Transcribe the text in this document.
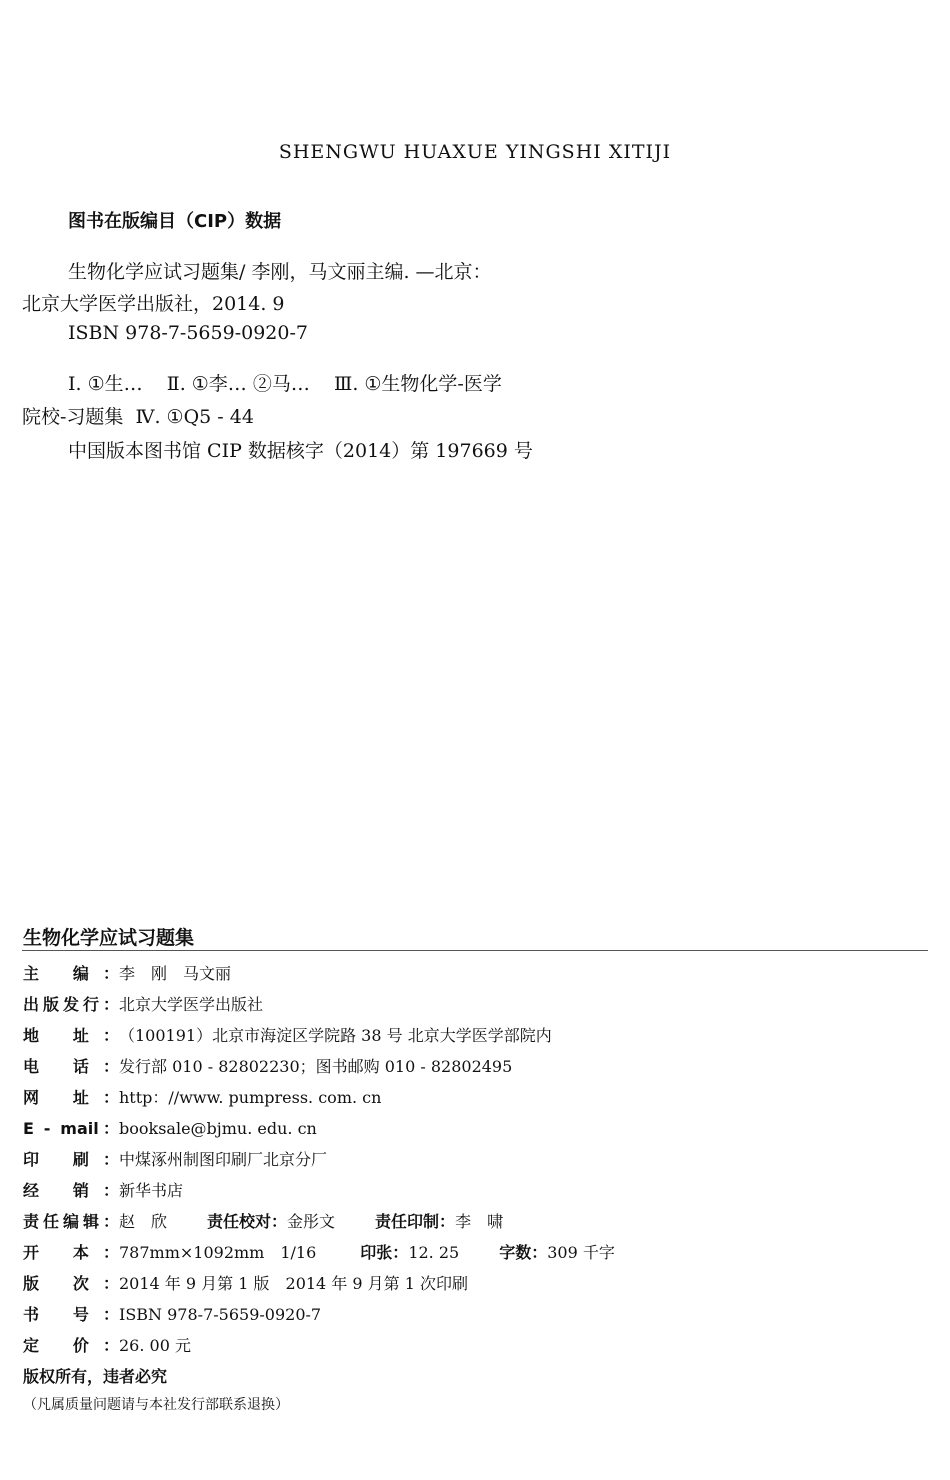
SHENGWU HUAXUE YINGSHI XITIJI
图书在版编目（CIP）数据
生物化学应试习题集/ 李刚，马文丽主编. —北京：
北京大学医学出版社，2014. 9
ISBN 978-7-5659-0920-7
Ⅰ. ①生…    Ⅱ. ①李… ②马…    Ⅲ. ①生物化学-医学
院校-习题集  Ⅳ. ①Q5 - 44
中国版本图书馆 CIP 数据核字（2014）第 197669 号
生物化学应试习题集
主 编：李　刚　马文丽
出版发行：北京大学医学出版社
地 址：（100191）北京市海淀区学院路 38 号 北京大学医学部院内
电 话：发行部 010 - 82802230；图书邮购 010 - 82802495
网 址：http：//www. pumpress. com. cn
E - mail：booksale@bjmu. edu. cn
印 刷：中煤涿州制图印刷厂北京分厂
经 销：新华书店
责任编辑：赵　欣	责任校对：金彤文	责任印制：李　啸
开 本：787mm×1092mm　1/16	印张：12. 25	字数：309 千字
版 次：2014 年 9 月第 1 版　2014 年 9 月第 1 次印刷
书 号：ISBN 978-7-5659-0920-7
定 价：26. 00 元
版权所有，违者必究
（凡属质量问题请与本社发行部联系退换）
